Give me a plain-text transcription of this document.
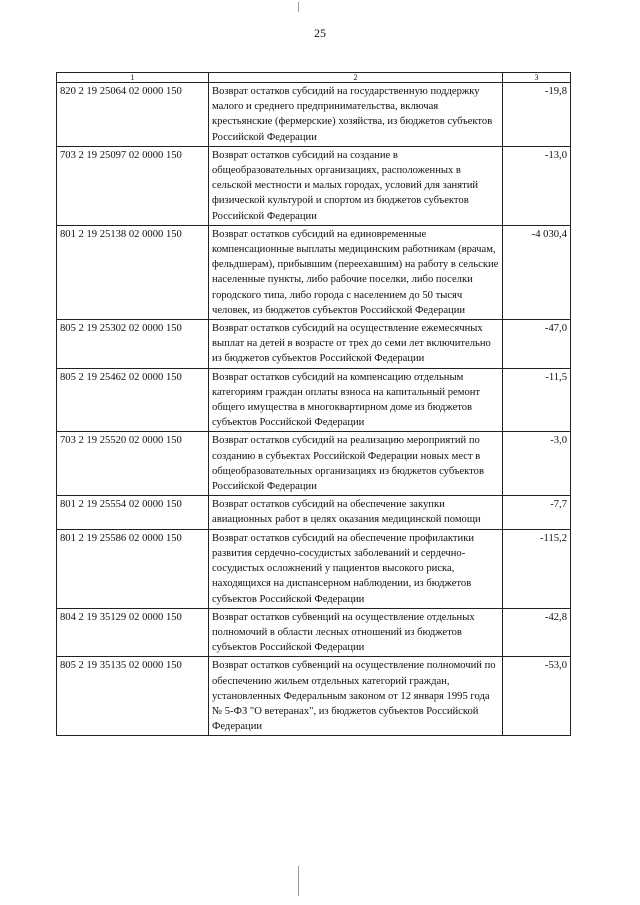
25
1	2	3
820 2 19 25064 02 0000 150	Возврат остатков субсидий на государственную поддержку малого и среднего предпринимательства, включая крестьянские (фермерские) хозяйства, из бюджетов субъектов Российской Федерации	-19,8
703 2 19 25097 02 0000 150	Возврат остатков субсидий на создание в общеобразовательных организациях, расположенных в сельской местности и малых городах, условий для занятий физической культурой и спортом из бюджетов субъектов Российской Федерации	-13,0
801 2 19 25138 02 0000 150	Возврат остатков субсидий на единовременные компенсационные выплаты медицинским работникам (врачам, фельдшерам), прибывшим (переехавшим) на работу в сельские населенные пункты, либо рабочие поселки, либо поселки городского типа, либо города с населением до 50 тысяч человек, из бюджетов субъектов Российской Федерации	-4 030,4
805 2 19 25302 02 0000 150	Возврат остатков субсидий на осуществление ежемесячных выплат на детей в возрасте от трех до семи лет включительно из бюджетов субъектов Российской Федерации	-47,0
805 2 19 25462 02 0000 150	Возврат остатков субсидий на компенсацию отдельным категориям граждан оплаты взноса на капитальный ремонт общего имущества в многоквартирном доме из бюджетов субъектов Российской Федерации	-11,5
703 2 19 25520 02 0000 150	Возврат остатков субсидий на реализацию мероприятий по созданию в субъектах Российской Федерации новых мест в общеобразовательных организациях из бюджетов субъектов Российской Федерации	-3,0
801 2 19 25554 02 0000 150	Возврат остатков субсидий на обеспечение закупки авиационных работ в целях оказания медицинской помощи	-7,7
801 2 19 25586 02 0000 150	Возврат остатков субсидий на обеспечение профилактики развития сердечно-сосудистых заболеваний и сердечно-сосудистых осложнений у пациентов высокого риска, находящихся на диспансерном наблюдении, из бюджетов субъектов Российской Федерации	-115,2
804 2 19 35129 02 0000 150	Возврат остатков субвенций на осуществление отдельных полномочий в области лесных отношений из бюджетов субъектов Российской Федерации	-42,8
805 2 19 35135 02 0000 150	Возврат остатков субвенций на осуществление полномочий по обеспечению жильем отдельных категорий граждан, установленных Федеральным законом от 12 января 1995 года № 5-ФЗ "О ветеранах", из бюджетов субъектов Российской Федерации	-53,0
